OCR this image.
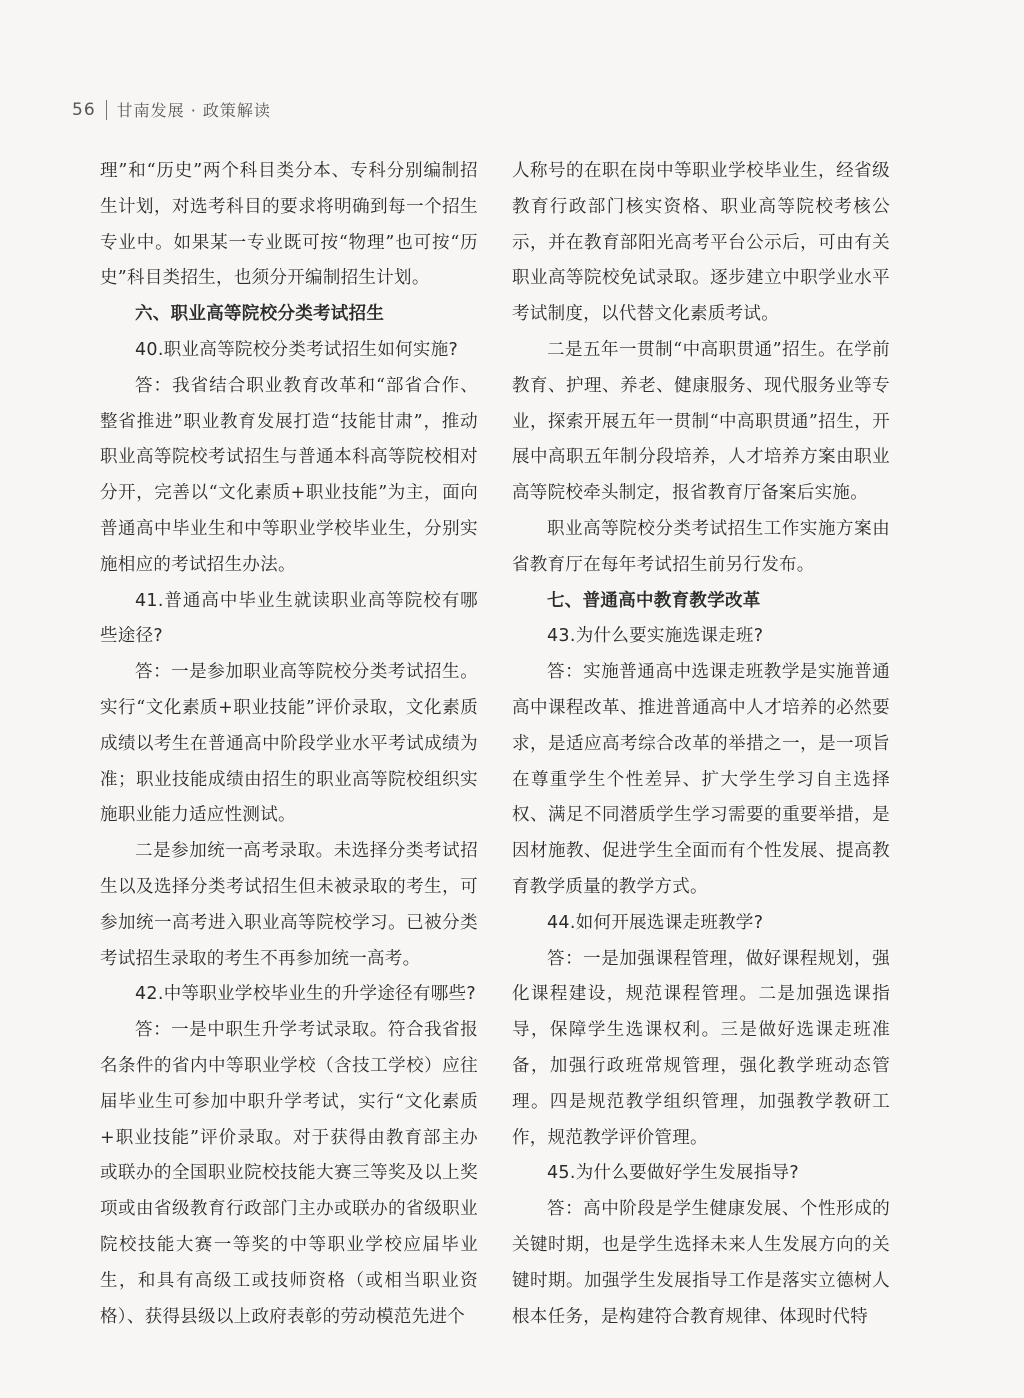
56 甘南发展 · 政策解读

理”和“历史”两个科目类分本、专科分别编制招生计划，对选考科目的要求将明确到每一个招生专业中。如果某一专业既可按“物理”也可按“历史”科目类招生，也须分开编制招生计划。

六、职业高等院校分类考试招生

40.职业高等院校分类考试招生如何实施?

答：我省结合职业教育改革和“部省合作、整省推进”职业教育发展打造“技能甘肃”，推动职业高等院校考试招生与普通本科高等院校相对分开，完善以“文化素质+职业技能”为主，面向普通高中毕业生和中等职业学校毕业生，分别实施相应的考试招生办法。

41.普通高中毕业生就读职业高等院校有哪些途径?

答：一是参加职业高等院校分类考试招生。实行“文化素质+职业技能”评价录取，文化素质成绩以考生在普通高中阶段学业水平考试成绩为准；职业技能成绩由招生的职业高等院校组织实施职业能力适应性测试。

二是参加统一高考录取。未选择分类考试招生以及选择分类考试招生但未被录取的考生，可参加统一高考进入职业高等院校学习。已被分类考试招生录取的考生不再参加统一高考。

42.中等职业学校毕业生的升学途径有哪些?

答：一是中职生升学考试录取。符合我省报名条件的省内中等职业学校（含技工学校）应往届毕业生可参加中职升学考试，实行“文化素质+职业技能”评价录取。对于获得由教育部主办或联办的全国职业院校技能大赛三等奖及以上奖项或由省级教育行政部门主办或联办的省级职业院校技能大赛一等奖的中等职业学校应届毕业生，和具有高级工或技师资格（或相当职业资格）、获得县级以上政府表彰的劳动模范先进个

人称号的在职在岗中等职业学校毕业生，经省级教育行政部门核实资格、职业高等院校考核公示，并在教育部阳光高考平台公示后，可由有关职业高等院校免试录取。逐步建立中职学业水平考试制度，以代替文化素质考试。

二是五年一贯制“中高职贯通”招生。在学前教育、护理、养老、健康服务、现代服务业等专业，探索开展五年一贯制“中高职贯通”招生，开展中高职五年制分段培养，人才培养方案由职业高等院校牵头制定，报省教育厅备案后实施。

职业高等院校分类考试招生工作实施方案由省教育厅在每年考试招生前另行发布。

七、普通高中教育教学改革

43.为什么要实施选课走班?

答：实施普通高中选课走班教学是实施普通高中课程改革、推进普通高中人才培养的必然要求，是适应高考综合改革的举措之一，是一项旨在尊重学生个性差异、扩大学生学习自主选择权、满足不同潜质学生学习需要的重要举措，是因材施教、促进学生全面而有个性发展、提高教育教学质量的教学方式。

44.如何开展选课走班教学?

答：一是加强课程管理，做好课程规划，强化课程建设，规范课程管理。二是加强选课指导，保障学生选课权利。三是做好选课走班准备，加强行政班常规管理，强化教学班动态管理。四是规范教学组织管理，加强教学教研工作，规范教学评价管理。

45.为什么要做好学生发展指导?

答：高中阶段是学生健康发展、个性形成的关键时期，也是学生选择未来人生发展方向的关键时期。加强学生发展指导工作是落实立德树人根本任务，是构建符合教育规律、体现时代特
